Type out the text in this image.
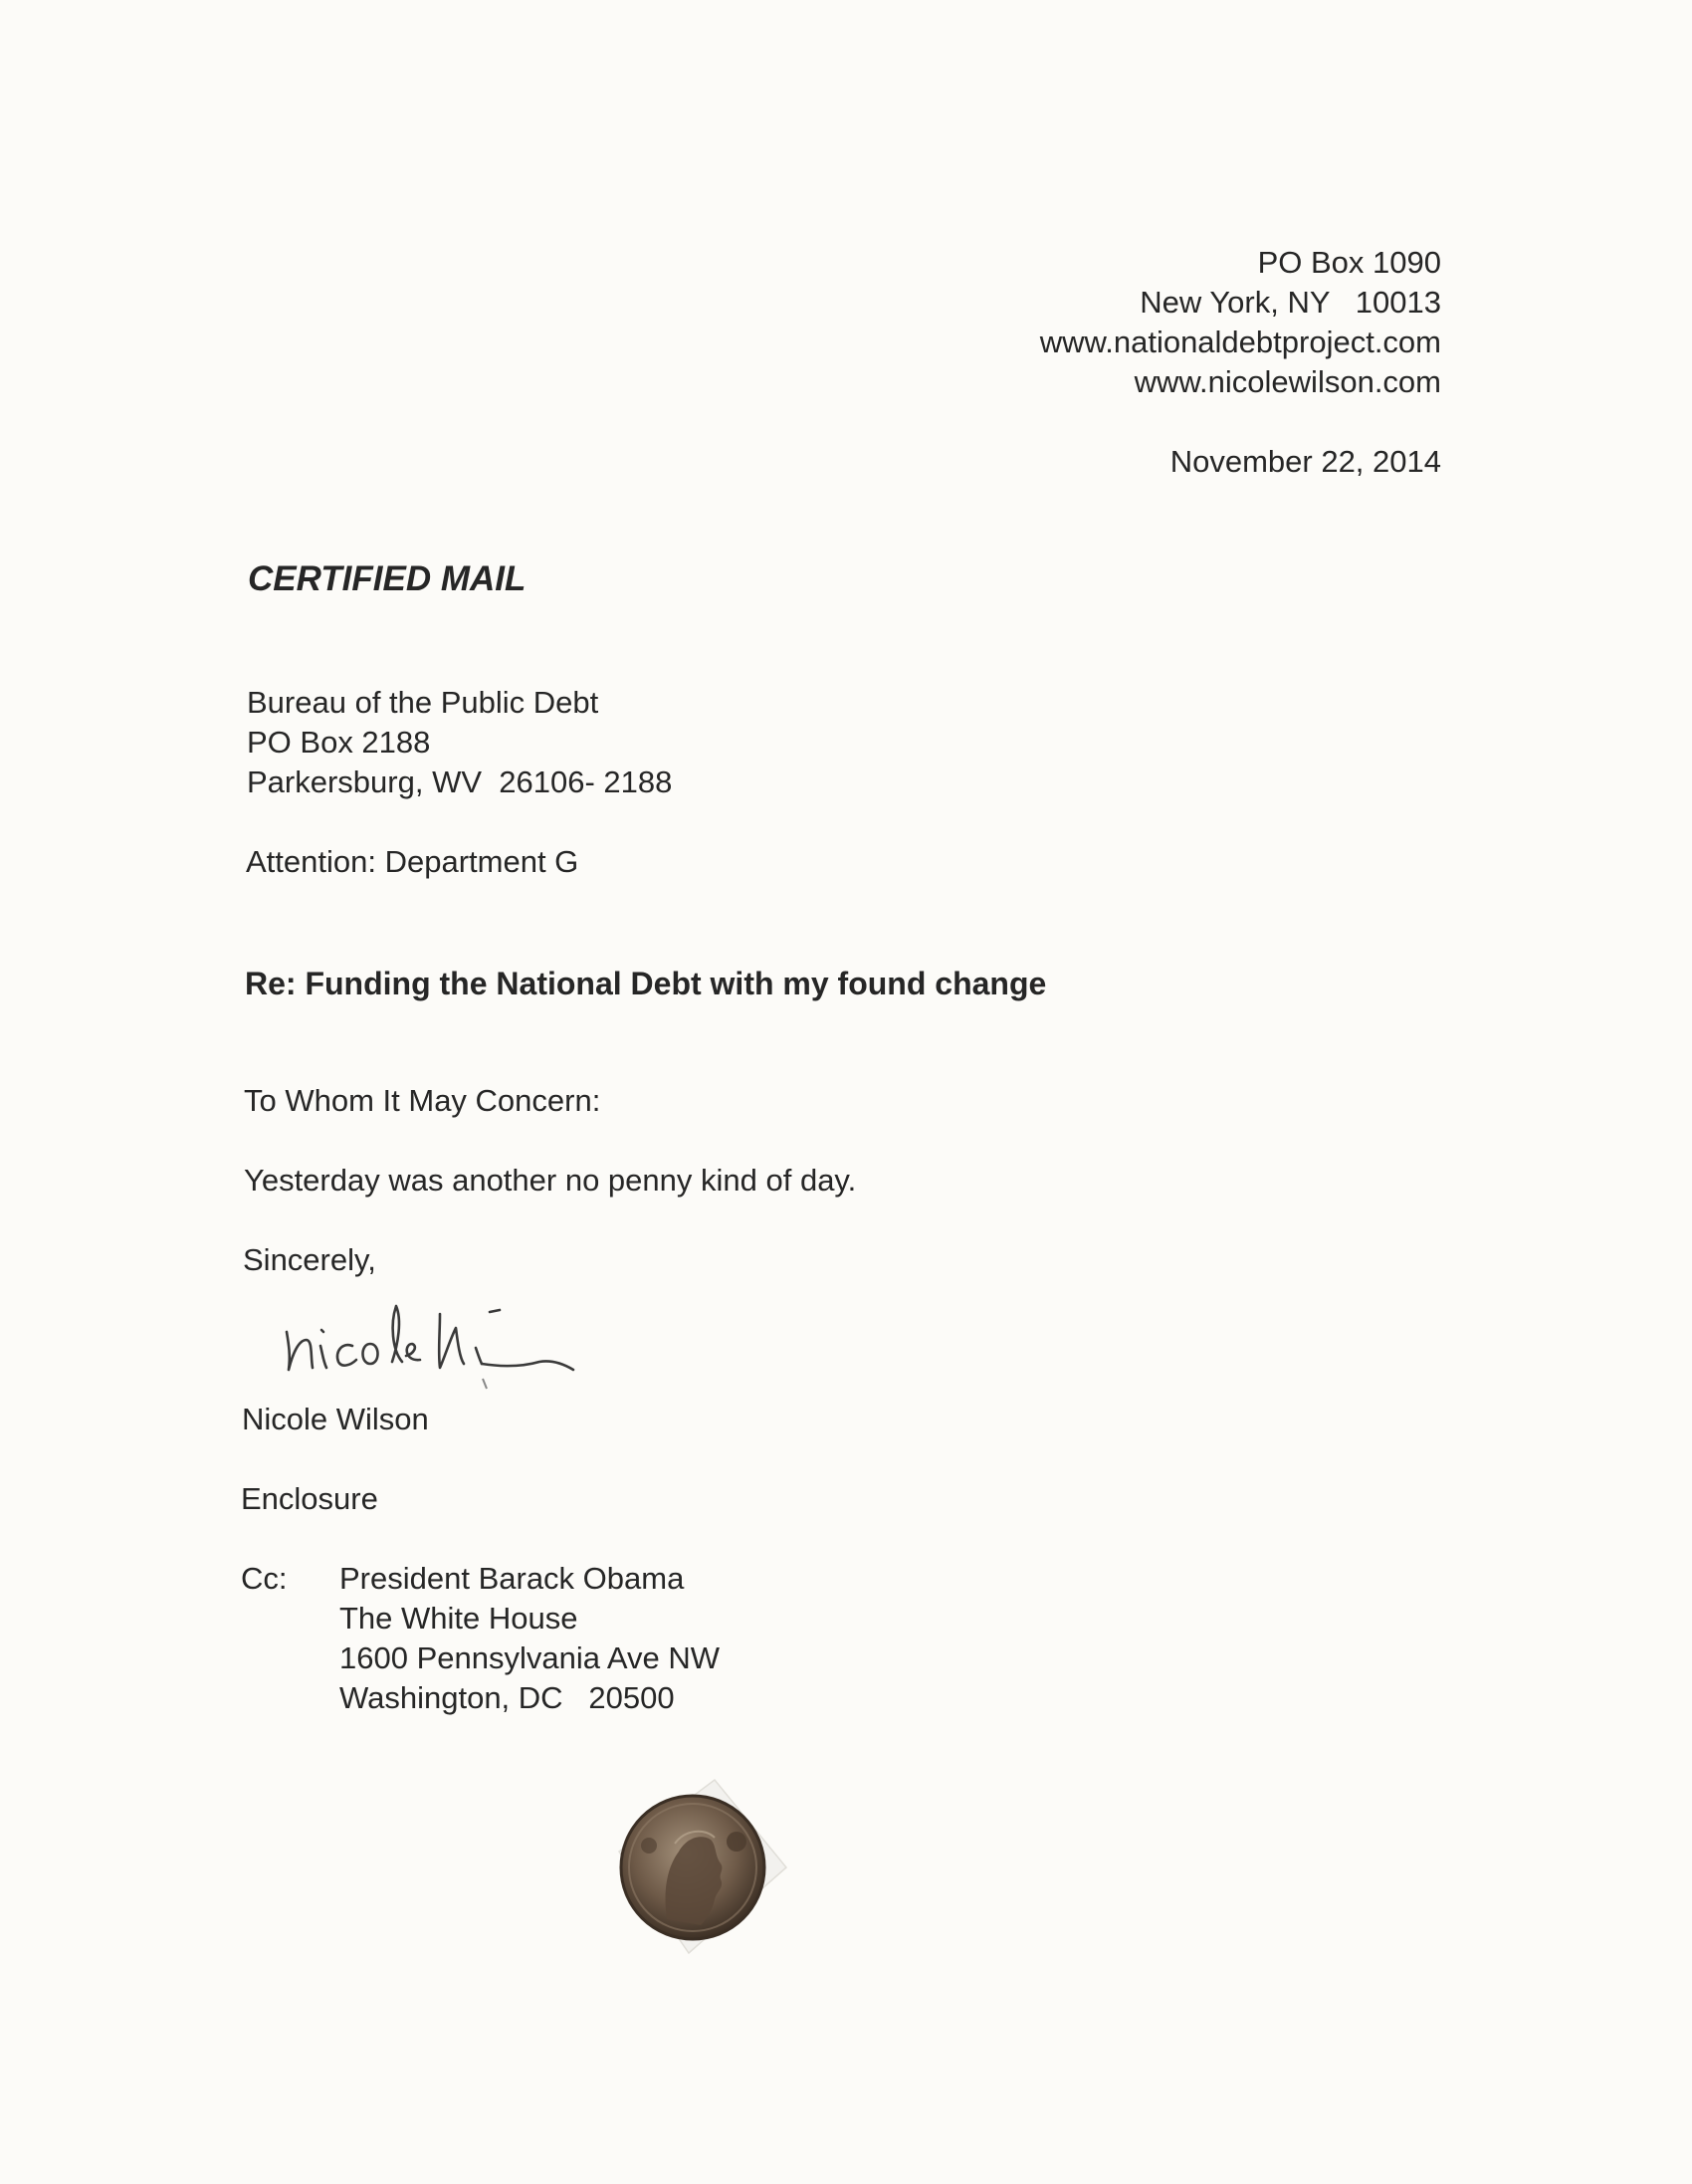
PO Box 1090
New York, NY   10013
www.nationaldebtproject.com
www.nicolewilson.com
November 22, 2014
CERTIFIED MAIL
Bureau of the Public Debt
PO Box 2188
Parkersburg, WV  26106- 2188
Attention: Department G
Re: Funding the National Debt with my found change
To Whom It May Concern:
Yesterday was another no penny kind of day.
Sincerely,
Nicole Wilson
Enclosure
Cc: President Barack Obama
The White House
1600 Pennsylvania Ave NW
Washington, DC   20500
